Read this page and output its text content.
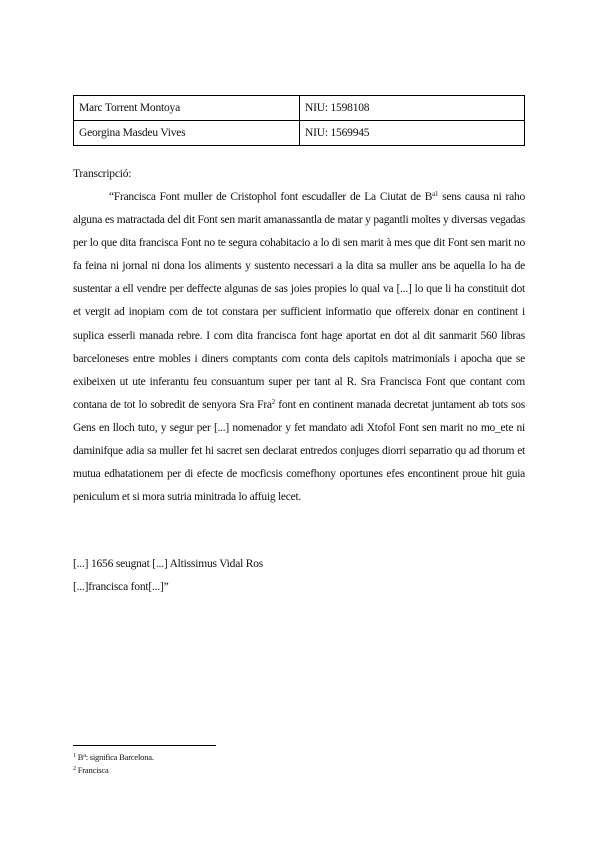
Marc Torrent Montoya	NIU: 1598108
Georgina Masdeu Vives	NIU: 1569945
Transcripció:

“Francisca Font muller de Cristophol font escudaller de La Ciutat de $B^{a1}$ sens causa ni raho alguna es matractada del dit Font sen marit amanassantla de matar y pagantli moltes y diversas vegadas per lo que dita francisca Font no te segura cohabitacio a lo di sen marit à mes que dit Font sen marit no fa feina ni jornal ni dona los aliments y sustento necessari a la dita sa muller ans be aquella lo ha de sustentar a ell vendre per deffecte algunas de sas joies propies lo qual va [...] lo que li ha constituit dot et vergit ad inopiam com de tot constara per sufficient informatio que offereix donar en continent i suplica esserli manada rebre. I com dita francisca font hage aportat en dot al dit sanmarit 560 libras barceloneses entre mobles i diners comptants com conta dels capitols matrimonials i apocha que se exibeixen ut ute inferantu feu consuantum super per tant al R. Sra Francisca Font que contant com contana de tot lo sobredit de senyora Sra Fra$^2$ font en continent manada decretat juntament ab tots sos Gens en lloch tuto, y segur per [...] nomenador y fet mandato adi Xtofol Font sen marit no mo_ete ni daminifque adia sa muller fet hi sacret sen declarat entredos conjuges diorri separratio qu ad thorum et mutua edhatationem per di efecte de mocficsis comefhony oportunes efes encontinent proue hit guia peniculum et si mora sutria minitrada lo affuig lecet.

[...] 1656 seugnat [...] Altissimus Vidal Ros
[...]francisca font[...]”
$^1$ $B^a$: significa Barcelona.
$^2$ Francisca
